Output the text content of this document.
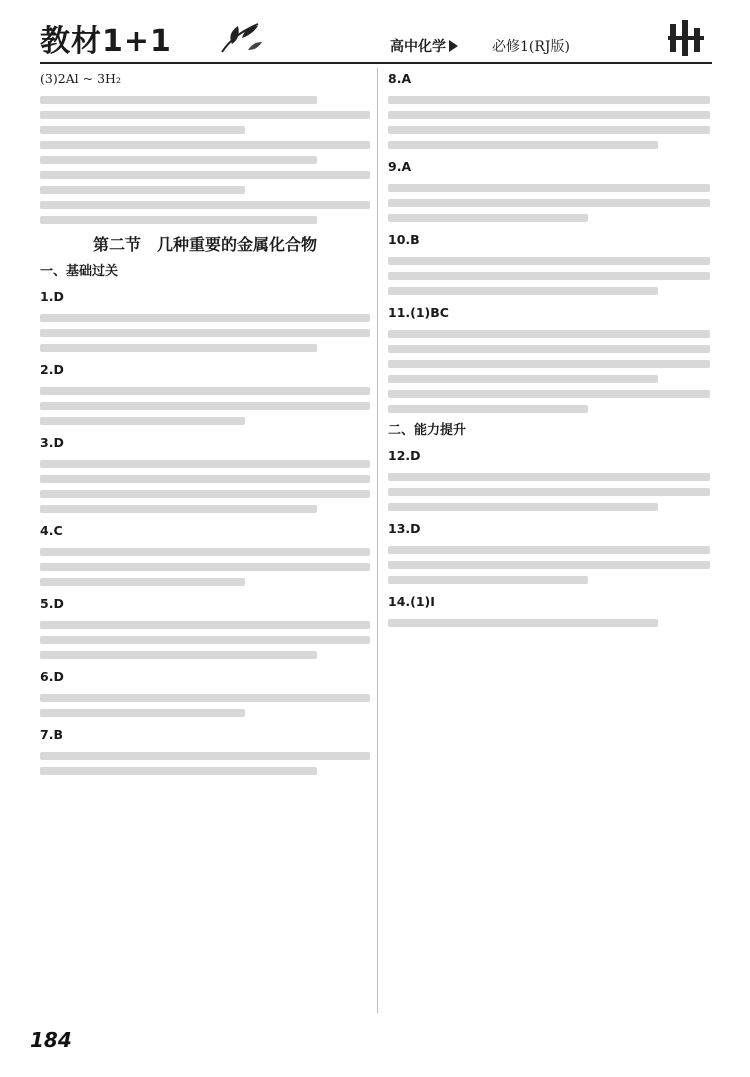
教材1+1	高中化学	必修1(RJ版)
(3)2Al ~ 3H₂
第二节　几种重要的金属化合物
一、基础过关
1.D
2.D
3.D
4.C
5.D
6.D
7.B
8.A
9.A
10.B
11.(1)BC
二、能力提升
12.D
13.D
14.(1)Ⅰ
184
